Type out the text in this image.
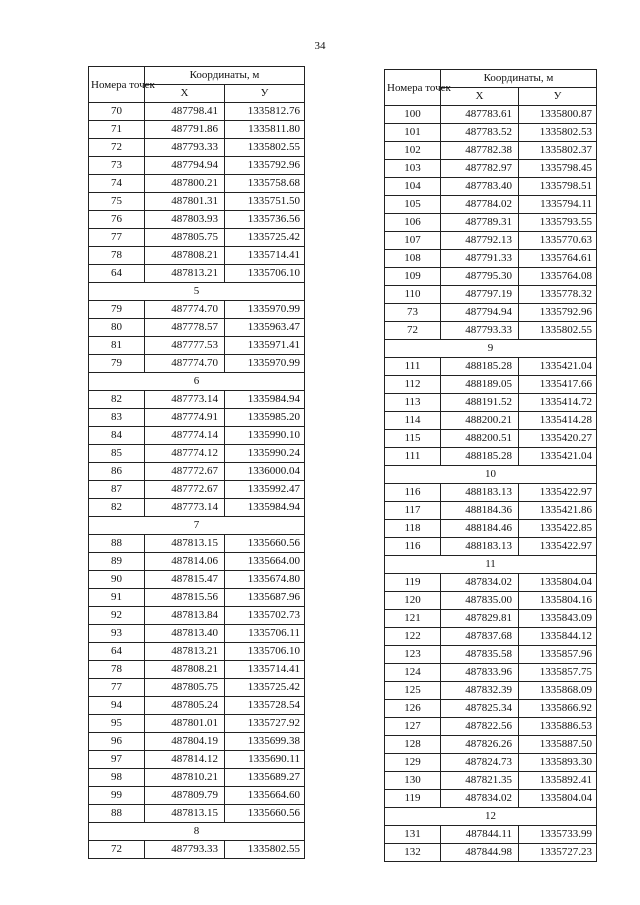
34
Номера точек	Координаты, м	
	X	У
70	487798.41	1335812.76
71	487791.86	1335811.80
72	487793.33	1335802.55
73	487794.94	1335792.96
74	487800.21	1335758.68
75	487801.31	1335751.50
76	487803.93	1335736.56
77	487805.75	1335725.42
78	487808.21	1335714.41
64	487813.21	1335706.10
5		
79	487774.70	1335970.99
80	487778.57	1335963.47
81	487777.53	1335971.41
79	487774.70	1335970.99
6		
82	487773.14	1335984.94
83	487774.91	1335985.20
84	487774.14	1335990.10
85	487774.12	1335990.24
86	487772.67	1336000.04
87	487772.67	1335992.47
82	487773.14	1335984.94
7		
88	487813.15	1335660.56
89	487814.06	1335664.00
90	487815.47	1335674.80
91	487815.56	1335687.96
92	487813.84	1335702.73
93	487813.40	1335706.11
64	487813.21	1335706.10
78	487808.21	1335714.41
77	487805.75	1335725.42
94	487805.24	1335728.54
95	487801.01	1335727.92
96	487804.19	1335699.38
97	487814.12	1335690.11
98	487810.21	1335689.27
99	487809.79	1335664.60
88	487813.15	1335660.56
8		
72	487793.33	1335802.55
Номера точек	Координаты, м	
	X	У
100	487783.61	1335800.87
101	487783.52	1335802.53
102	487782.38	1335802.37
103	487782.97	1335798.45
104	487783.40	1335798.51
105	487784.02	1335794.11
106	487789.31	1335793.55
107	487792.13	1335770.63
108	487791.33	1335764.61
109	487795.30	1335764.08
110	487797.19	1335778.32
73	487794.94	1335792.96
72	487793.33	1335802.55
9		
111	488185.28	1335421.04
112	488189.05	1335417.66
113	488191.52	1335414.72
114	488200.21	1335414.28
115	488200.51	1335420.27
111	488185.28	1335421.04
10		
116	488183.13	1335422.97
117	488184.36	1335421.86
118	488184.46	1335422.85
116	488183.13	1335422.97
11		
119	487834.02	1335804.04
120	487835.00	1335804.16
121	487829.81	1335843.09
122	487837.68	1335844.12
123	487835.58	1335857.96
124	487833.96	1335857.75
125	487832.39	1335868.09
126	487825.34	1335866.92
127	487822.56	1335886.53
128	487826.26	1335887.50
129	487824.73	1335893.30
130	487821.35	1335892.41
119	487834.02	1335804.04
12		
131	487844.11	1335733.99
132	487844.98	1335727.23
